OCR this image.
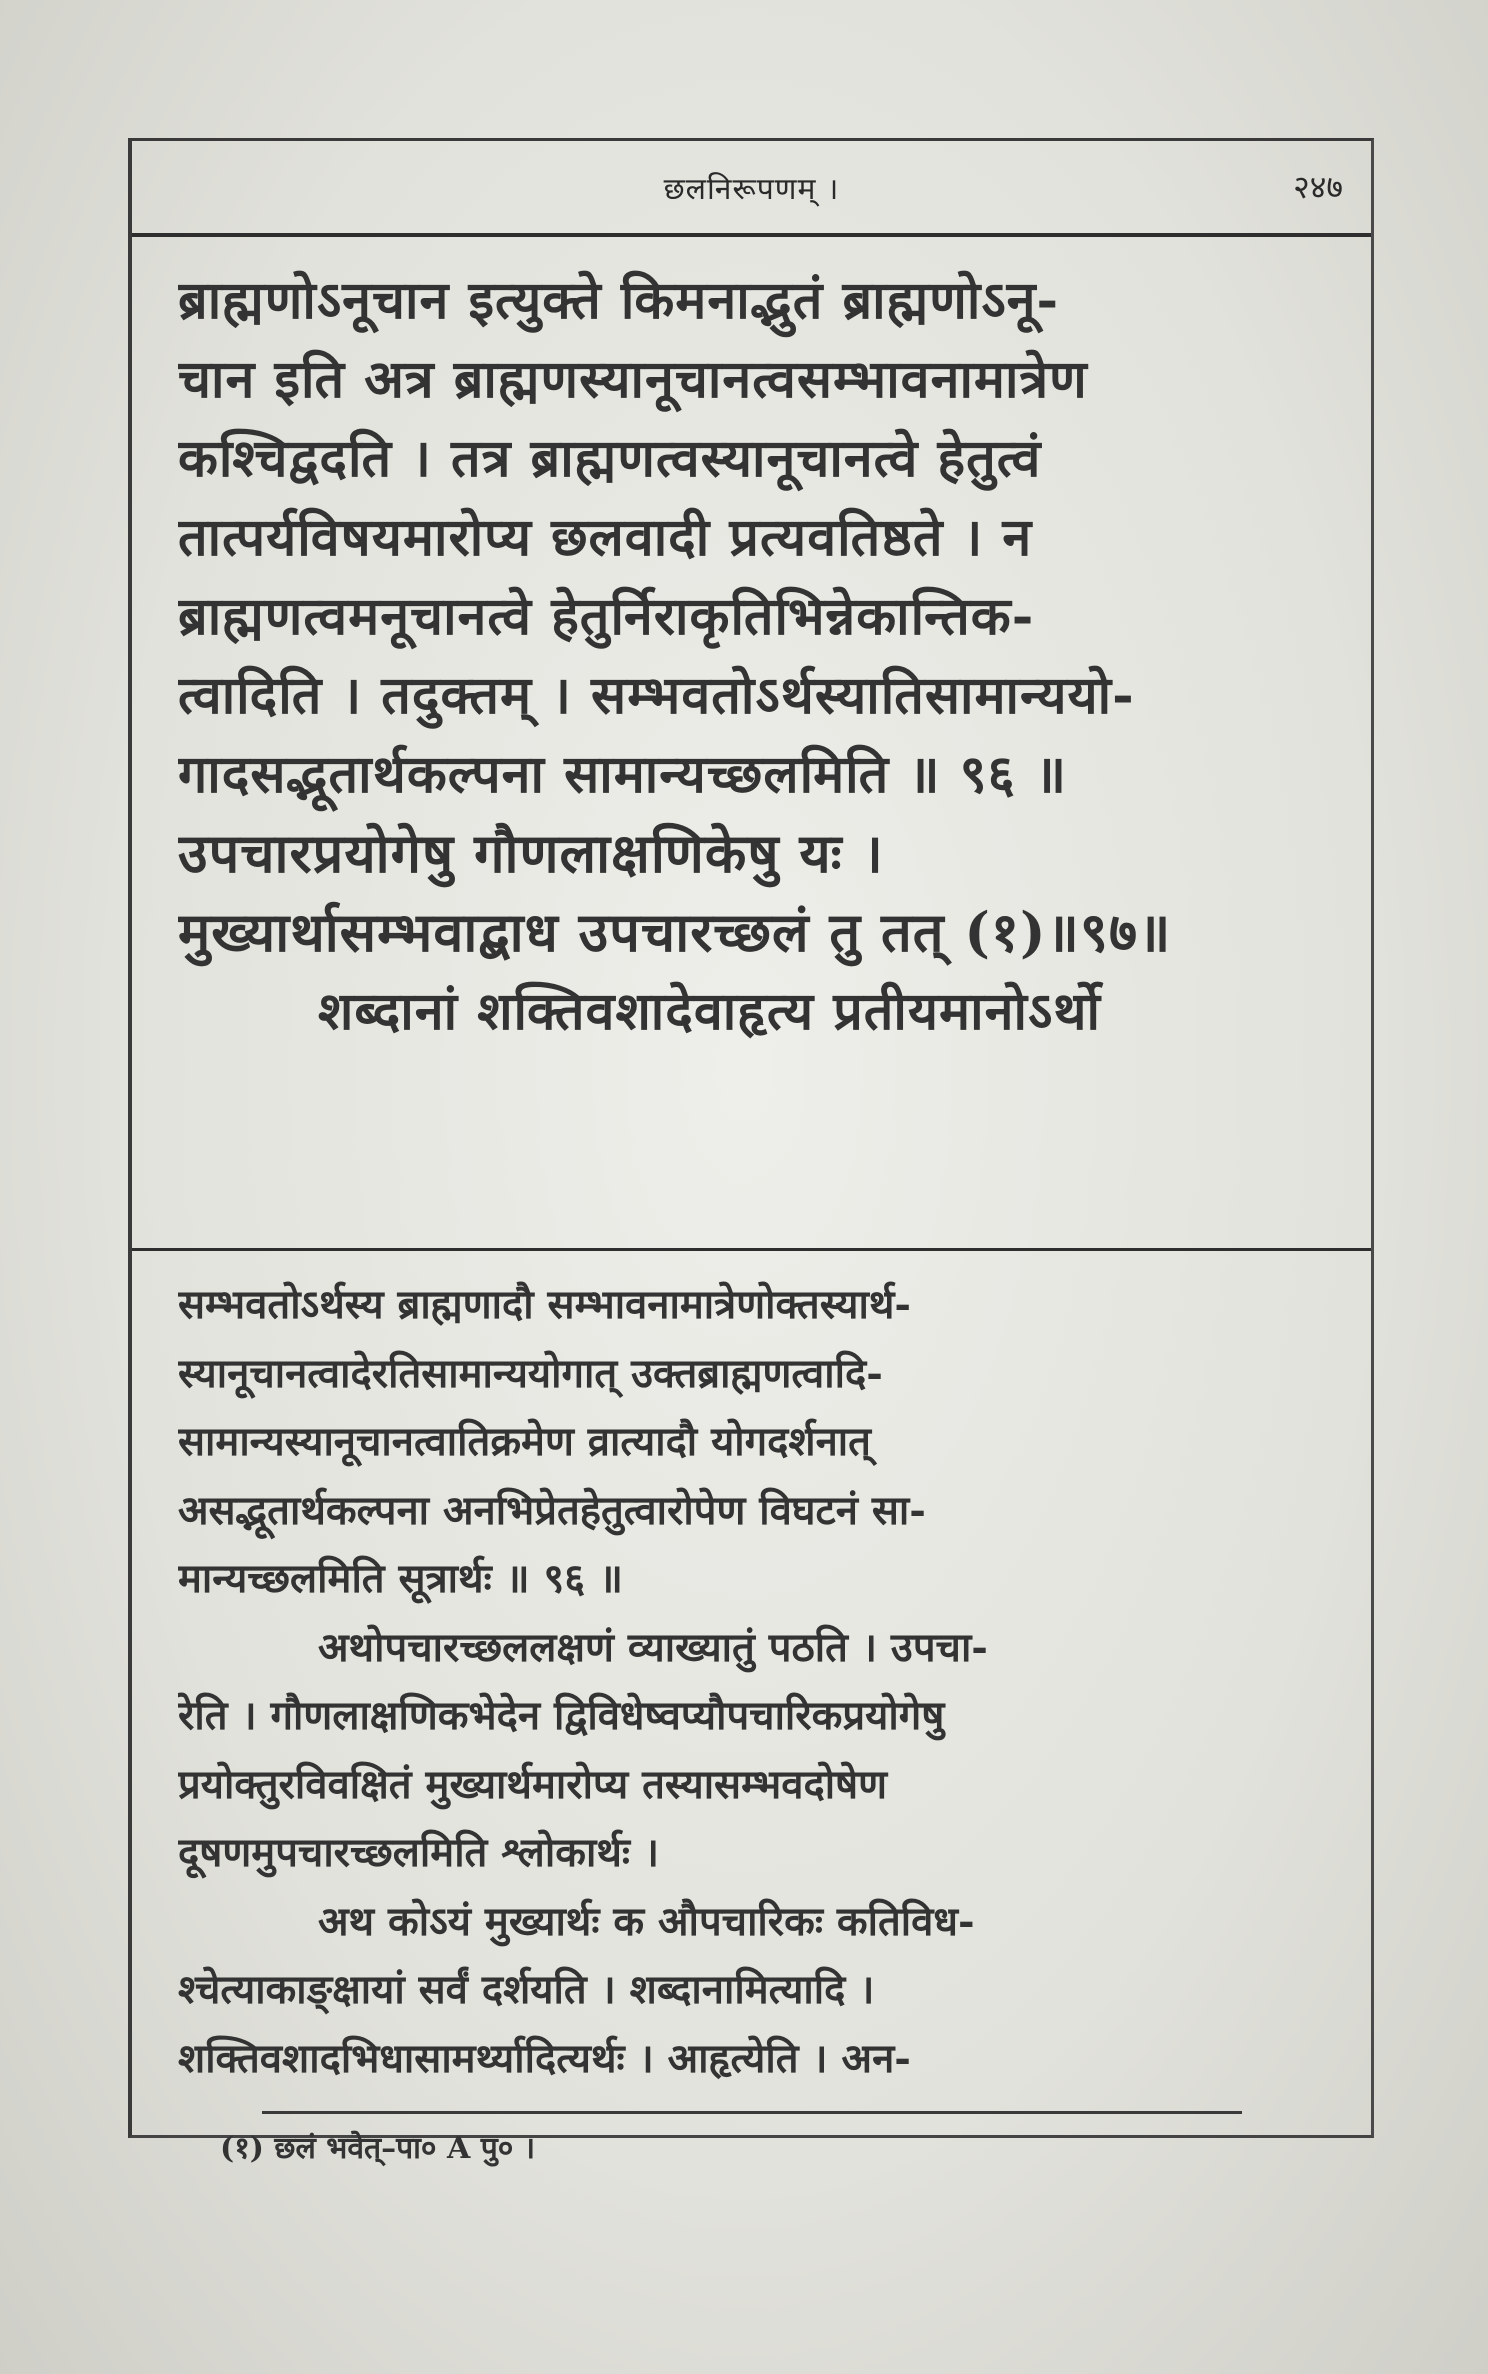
छलनिरूपणम् ।	२४७
ब्राह्मणोऽनूचान इत्युक्ते किमनाद्भुतं ब्राह्मणोऽनू-
चान इति अत्र ब्राह्मणस्यानूचानत्वसम्भावनामात्रेण
कश्चिद्वदति । तत्र ब्राह्मणत्वस्यानूचानत्वे हेतुत्वं
तात्पर्यविषयमारोप्य छलवादी प्रत्यवतिष्ठते । न
ब्राह्मणत्वमनूचानत्वे हेतुर्निराकृतिभिन्नेकान्तिक-
त्वादिति । तदुक्तम् । सम्भवतोऽर्थस्यातिसामान्ययो-
गादसद्भूतार्थकल्पना सामान्यच्छलमिति ॥ ९६ ॥
उपचारप्रयोगेषु गौणलाक्षणिकेषु यः ।
मुख्यार्थासम्भवाद्बाध उपचारच्छलं तु तत् (१)॥९७॥
शब्दानां शक्तिवशादेवाहृत्य प्रतीयमानोऽर्थो
सम्भवतोऽर्थस्य ब्राह्मणादौ सम्भावनामात्रेणोक्तस्यार्थ-
स्यानूचानत्वादेरतिसामान्ययोगात् उक्तब्राह्मणत्वादि-
सामान्यस्यानूचानत्वातिक्रमेण व्रात्यादौ योगदर्शनात्
असद्भूतार्थकल्पना अनभिप्रेतहेतुत्वारोपेण विघटनं सा-
मान्यच्छलमिति सूत्रार्थः ॥ ९६ ॥
अथोपचारच्छललक्षणं व्याख्यातुं पठति । उपचा-
रेति । गौणलाक्षणिकभेदेन द्विविधेष्वप्यौपचारिकप्रयोगेषु
प्रयोक्तुरविवक्षितं मुख्यार्थमारोप्य तस्यासम्भवदोषेण
दूषणमुपचारच्छलमिति श्लोकार्थः ।
अथ कोऽयं मुख्यार्थः क औपचारिकः कतिविध-
श्चेत्याकाङ्क्षायां सर्वं दर्शयति । शब्दानामित्यादि ।
शक्तिवशादभिधासामर्थ्यादित्यर्थः । आहृत्येति । अन-
(१) छलं भवेत्–पा० A पु० ।
